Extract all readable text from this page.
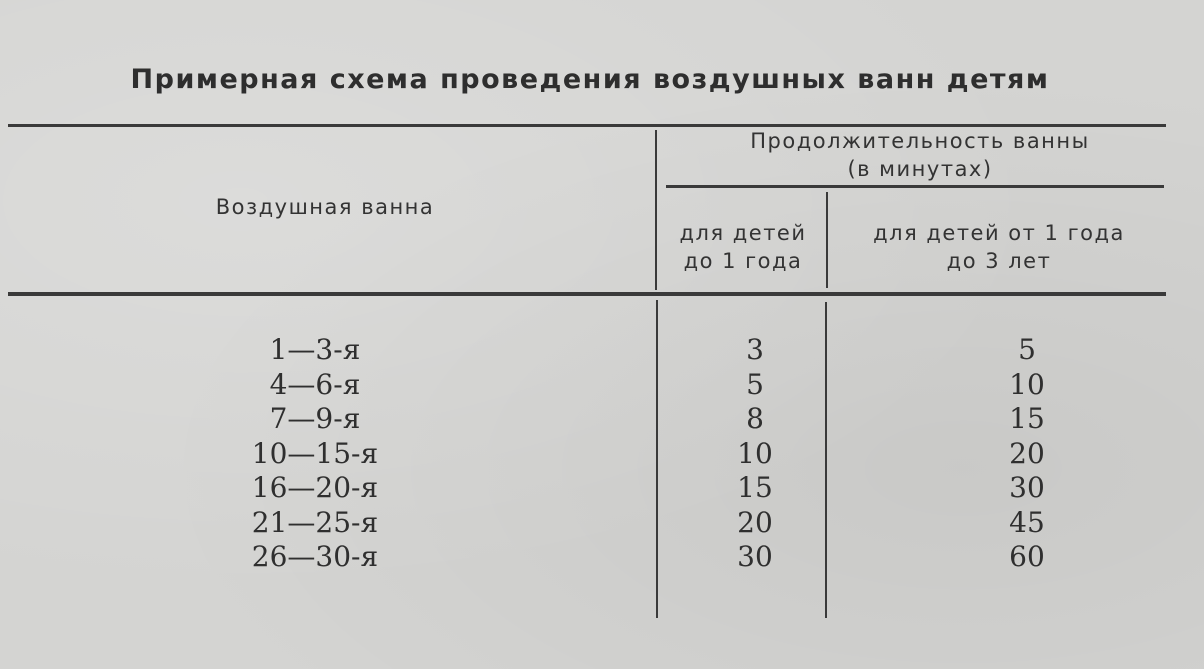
Примерная схема проведения воздушных ванн детям
Воздушная ванна
Продолжительность ванны
(в минутах)
для детей
до 1 года
для детей от 1 года
до 3 лет
1—3-я
4—6-я
7—9-я
10—15-я
16—20-я
21—25-я
26—30-я
3
5
8
10
15
20
30
5
10
15
20
30
45
60
